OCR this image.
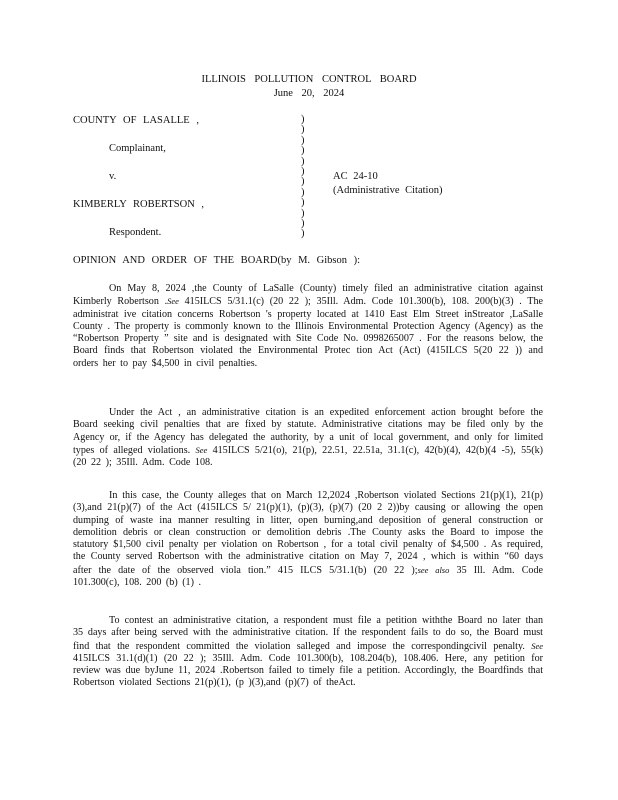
ILLINOIS POLLUTION CONTROL BOARD
June 20, 2024
COUNTY OF LASALLE ,
Complainant,
v.
KIMBERLY ROBERTSON ,
Respondent.
)
)
)
)
)
)
)
)
)
)
)
)
AC 24-10
(Administrative Citation)
OPINION AND ORDER OF THE BOARD(by M. Gibson ):

On May 8, 2024 ,the County of LaSalle (County) timely filed an administrative citation against Kimberly Robertson .See 415ILCS 5/31.1(c) (20 22 ); 35Ill. Adm. Code 101.300(b), 108. 200(b)(3) . The administrat ive citation concerns Robertson 's property located at 1410 East Elm Street inStreator ,LaSalle County . The property is commonly known to the Illinois Environmental Protection Agency (Agency) as the “Robertson Property ” site and is designated with Site Code No. 0998265007 . For the reasons below, the Board finds that Robertson violated the Environmental Protec tion Act (Act) (415ILCS 5(20 22 )) and orders her to pay $4,500 in civil penalties.

Under the Act , an administrative citation is an expedited enforcement action brought before the Board seeking civil penalties that are fixed by statute. Administrative citations may be filed only by the Agency or, if the Agency has delegated the authority, by a unit of local government, and only for limited types of alleged violations. See 415ILCS 5/21(o), 21(p), 22.51, 22.51a, 31.1(c), 42(b)(4), 42(b)(4 -5), 55(k) (20 22 ); 35Ill. Adm. Code 108.

In this case, the County alleges that on March 12,2024 ,Robertson violated Sections 21(p)(1), 21(p)(3),and 21(p)(7) of the Act (415ILCS 5/ 21(p)(1), (p)(3), (p)(7) (20 2 2))by causing or allowing the open dumping of waste ina manner resulting in litter, open burning,and deposition of general construction or demolition debris or clean construction or demolition debris .The County asks the Board to impose the statutory $1,500 civil penalty per violation on Robertson , for a total civil penalty of $4,500 . As required, the County served Robertson with the administrative citation on May 7, 2024 , which is within “60 days after the date of the observed viola tion.” 415 ILCS 5/31.1(b) (20 22 );see also 35 Ill. Adm. Code 101.300(c), 108. 200 (b) (1) .

To contest an administrative citation, a respondent must file a petition withthe Board no later than 35 days after being served with the administrative citation. If the respondent fails to do so, the Board must find that the respondent committed the violation salleged and impose the correspondingcivil penalty. See 415ILCS 31.1(d)(1) (20 22 ); 35Ill. Adm. Code 101.300(b), 108.204(b), 108.406. Here, any petition for review was due byJune 11, 2024 .Robertson failed to timely file a petition. Accordingly, the Boardfinds that Robertson violated Sections 21(p)(1), (p )(3),and (p)(7) of theAct.
